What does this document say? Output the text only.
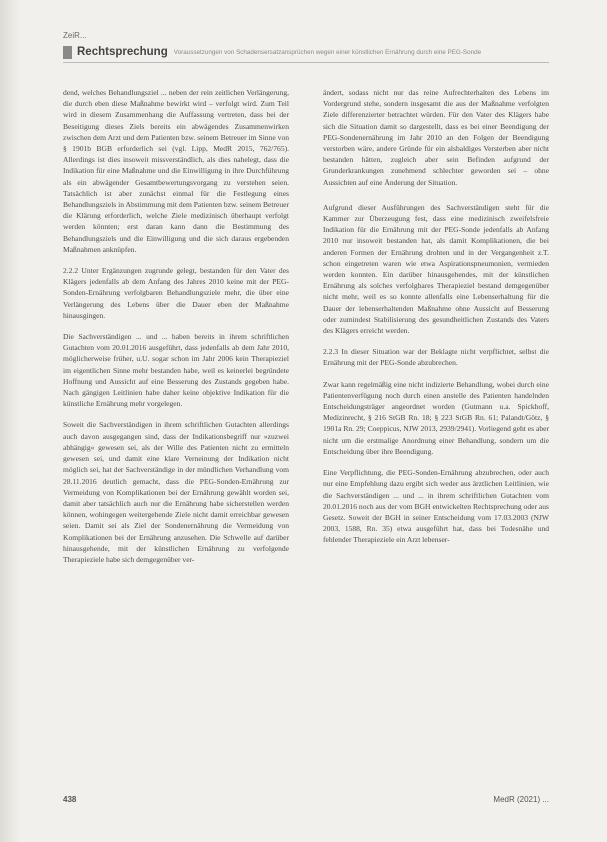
ZeiR...
Rechtsprechung Voraussetzungen von Schadensersatzansprüchen wegen einer künstlichen Ernährung durch eine PEG-Sonde

dend, welches Behandlungsziel ... neben der rein zeitlichen Verlängerung, die durch eben diese Maßnahme bewirkt wird – verfolgt wird. Zum Teil wird in diesem Zusammenhang die Auffassung vertreten, dass bei der Beseitigung dieses Ziels bereits ein abwägendes Zusammenwirken zwischen dem Arzt und dem Patienten bzw. seinem Betreuer im Sinne von § 1901b BGB erforderlich sei (vgl. Lipp, MedR 2015, 762/765). Allerdings ist dies insoweit missverständlich, als dies nahelegt, dass die Indikation für eine Maßnahme und die Einwilligung in ihre Durchführung als ein abwägender Gesamtbewertungsvorgang zu verstehen seien. Tatsächlich ist aber zunächst einmal für die Festlegung eines Behandlungsziels in Abstimmung mit dem Patienten bzw. seinem Betreuer die Klärung erforderlich, welche Ziele medizinisch überhaupt verfolgt werden könnten; erst daran kann dann die Bestimmung des Behandlungsziels und die Einwilligung und die sich daraus ergebenden Maßnahmen anknüpfen.

2.2.2 Unter Ergänzungen zugrunde gelegt, bestanden für den Vater des Klägers jedenfalls ab dem Anfang des Jahres 2010 keine mit der PEG-Sonden-Ernährung verfolgbaren Behandlungsziele mehr, die über eine Verlängerung des Lebens über die Dauer eben der Maßnahme hinausgingen.

Die Sachverständigen ... und ... haben bereits in ihrem schriftlichen Gutachten vom 20.01.2016 ausgeführt, dass jedenfalls ab dem Jahr 2010, möglicherweise früher, u.U. sogar schon im Jahr 2006 kein Therapieziel im eigentlichen Sinne mehr bestanden habe, weil es keinerlei begründete Hoffnung und Aussicht auf eine Besserung des Zustands gegeben habe. Nach gängigen Leitlinien habe daher keine objektive Indikation für die künstliche Ernährung mehr vorgelegen.

Soweit die Sachverständigen in ihrem schriftlichen Gutachten allerdings auch davon ausgegangen sind, dass der Indikationsbegriff nur »zuzwei abhängig« gewesen sei, als der Wille des Patienten nicht zu ermitteln gewesen sei, und damit eine klare Verneinung der Indikation nicht möglich sei, hat der Sachverständige in der mündlichen Verhandlung vom 28.11.2016 deutlich gemacht, dass die PEG-Sonden-Ernährung zur Vermeidung von Komplikationen bei der Ernährung gewählt worden sei, damit aber tatsächlich auch nur die Ernährung habe sicherstellen werden können, wohingegen weitergehende Ziele nicht damit erreichbar gewesen seien. Damit sei als Ziel der Sondenernährung die Vermeidung von Komplikationen bei der Ernährung anzusehen. Die Schwelle auf darüber hinausgehende, mit der künstlichen Ernährung zu verfolgende Therapieziele habe sich demgegenüber ver-

ändert, sodass nicht nur das reine Aufrechterhalten des Lebens im Vordergrund stehe, sondern insgesamt die aus der Maßnahme verfolgten Ziele differenzierter betrachtet würden. Für den Vater des Klägers habe sich die Situation damit so dargestellt, dass es bei einer Beendigung der PEG-Sondenernährung im Jahr 2010 an den Folgen der Beendigung verstorben wäre, andere Gründe für ein alsbaldiges Versterben aber nicht bestanden hätten, zugleich aber sein Befinden aufgrund der Grunderkrankungen zunehmend schlechter geworden sei – ohne Aussichten auf eine Änderung der Situation.

Aufgrund dieser Ausführungen des Sachverständigen steht für die Kammer zur Überzeugung fest, dass eine medizinisch zweifelsfreie Indikation für die Ernährung mit der PEG-Sonde jedenfalls ab Anfang 2010 nur insoweit bestanden hat, als damit Komplikationen, die bei anderen Formen der Ernährung drohten und in der Vergangenheit z.T. schon eingetreten waren wie etwa Aspirationspneumonien, vermieden werden konnten. Ein darüber hinausgehendes, mit der künstlichen Ernährung als solches verfolgbares Therapieziel bestand demgegenüber nicht mehr, weil es so konnte allenfalls eine Lebenserhaltung für die Dauer der lebenserhaltenden Maßnahme ohne Aussicht auf Besserung oder zumindest Stabilisierung des gesundheitlichen Zustands des Vaters des Klägers erreicht werden.

2.2.3 In dieser Situation war der Beklagte nicht verpflichtet, selbst die Ernährung mit der PEG-Sonde abzubrechen.

Zwar kann regelmäßig eine nicht indizierte Behandlung, wobei durch eine Patientenverfügung noch durch einen anstelle des Patienten handelnden Entscheidungsträger angeordnet worden (Gutmann u.a. Spickhoff, Medizinrecht, § 216 StGB Rn. 18; § 223 StGB Rn. 61; Palandt/Götz, § 1901a Rn. 29; Coeppicus, NJW 2013, 2939/2941). Vorliegend geht es aber nicht um die erstmalige Anordnung einer Behandlung, sondern um die Entscheidung über ihre Beendigung.

Eine Verpflichtung, die PEG-Sonden-Ernährung abzubrechen, oder auch nur eine Empfehlung dazu ergibt sich weder aus ärztlichen Leitlinien, wie die Sachverständigen ... und ... in ihrem schriftlichen Gutachten vom 20.01.2016 noch aus der vom BGH entwickelten Rechtsprechung oder aus Gesetz. Soweit der BGH in seiner Entscheidung vom 17.03.2003 (NJW 2003, 1588, Rn. 35) etwa ausgeführt hat, dass bei Todesnähe und fehlender Therapieziele ein Arzt lebenser-

438	MedR (2021) ...
